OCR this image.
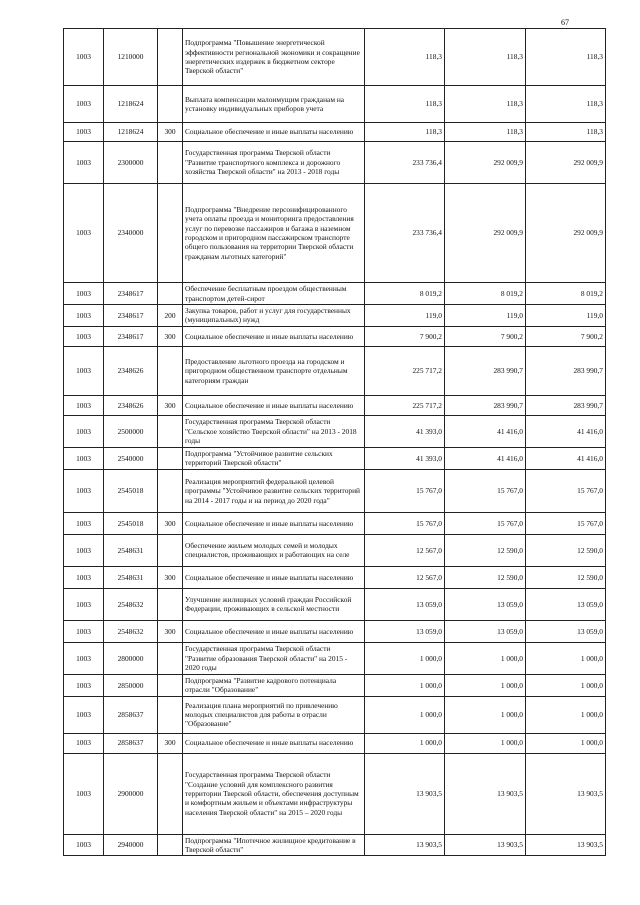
67
1003	1210000		Подпрограмма "Повышение энергетической эффективности региональной экономики и сокращение энергетических издержек в бюджетном секторе Тверской области"	118,3	118,3	118,3
1003	1218624		Выплата компенсации малоимущим гражданам на установку индивидуальных приборов учета	118,3	118,3	118,3
1003	1218624	300	Социальное обеспечение и иные выплаты населению	118,3	118,3	118,3
1003	2300000		Государственная программа Тверской области "Развитие транспортного комплекса и дорожного хозяйства Тверской области" на 2013 - 2018 годы	233 736,4	292 009,9	292 009,9
1003	2340000		Подпрограмма "Внедрение персонифицированного учета оплаты проезда и мониторинга предоставления услуг по перевозке пассажиров и багажа в наземном городском и пригородном пассажирском транспорте общего пользования на территории Тверской области гражданам льготных категорий"	233 736,4	292 009,9	292 009,9
1003	2348617		Обеспечение бесплатным проездом общественным транспортом детей-сирот	8 019,2	8 019,2	8 019,2
1003	2348617	200	Закупка товаров, работ и услуг для государственных (муниципальных) нужд	119,0	119,0	119,0
1003	2348617	300	Социальное обеспечение и иные выплаты населению	7 900,2	7 900,2	7 900,2
1003	2348626		Предоставление льготного проезда на городском и пригородном общественном транспорте отдельным категориям граждан	225 717,2	283 990,7	283 990,7
1003	2348626	300	Социальное обеспечение и иные выплаты населению	225 717,2	283 990,7	283 990,7
1003	2500000		Государственная программа Тверской области "Сельское хозяйство Тверской области" на 2013 - 2018 годы	41 393,0	41 416,0	41 416,0
1003	2540000		Подпрограмма "Устойчивое развитие сельских территорий Тверской области"	41 393,0	41 416,0	41 416,0
1003	2545018		Реализация мероприятий федеральной целевой программы "Устойчивое развитие сельских территорий на 2014 - 2017 годы и на период до 2020 года"	15 767,0	15 767,0	15 767,0
1003	2545018	300	Социальное обеспечение и иные выплаты населению	15 767,0	15 767,0	15 767,0
1003	2548631		Обеспечение жильем молодых семей и молодых специалистов, проживающих и работающих на селе	12 567,0	12 590,0	12 590,0
1003	2548631	300	Социальное обеспечение и иные выплаты населению	12 567,0	12 590,0	12 590,0
1003	2548632		Улучшение жилищных условий граждан Российской Федерации, проживающих в сельской местности	13 059,0	13 059,0	13 059,0
1003	2548632	300	Социальное обеспечение и иные выплаты населению	13 059,0	13 059,0	13 059,0
1003	2800000		Государственная программа Тверской области "Развитие образования Тверской области" на 2015 - 2020 годы	1 000,0	1 000,0	1 000,0
1003	2850000		Подпрограмма "Развитие кадрового потенциала отрасли "Образование"	1 000,0	1 000,0	1 000,0
1003	2858637		Реализация плана мероприятий по привлечению молодых специалистов для работы в отрасли "Образование"	1 000,0	1 000,0	1 000,0
1003	2858637	300	Социальное обеспечение и иные выплаты населению	1 000,0	1 000,0	1 000,0
1003	2900000		Государственная программа Тверской области "Создание условий для комплексного развития территории Тверской области, обеспечения доступным и комфортным жильем и объектами инфраструктуры населения Тверской области" на 2015 – 2020 годы	13 903,5	13 903,5	13 903,5
1003	2940000		Подпрограмма "Ипотечное жилищное кредитование в Тверской области"	13 903,5	13 903,5	13 903,5
